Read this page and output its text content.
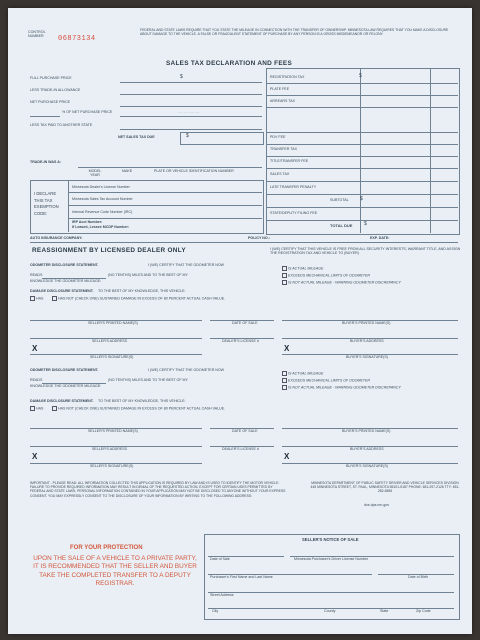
CONTROL NUMBER	06873134
FEDERAL AND STATE LAWS REQUIRE THAT YOU STATE THE MILEAGE IN CONNECTION WITH THE TRANSFER OF OWNERSHIP. MINNESOTA LAW REQUIRES THAT YOU MAKE A DISCLOSURE ABOUT DAMAGE TO THE VEHICLE. A FALSE OR FRAUDULENT STATEMENT OF PURCHASE BY ANY PERSON IS A GROSS MISDEMEANOR OR FELONY.
SALES TAX DECLARATION AND FEES
FULL PURCHASE PRICE	$
LESS TRADE-IN ALLOWANCE
NET PURCHASE PRICE
% OF NET PURCHASE PRICE	— — — —
LESS TAX PAID TO ANOTHER STATE
NET SALES TAX DUE	$
REGISTRATION TAX	$
PLATE FEE
ARREARS TAX
PDV FEE
TRANSFER TAX
TITLE/TRANSFER FEE
SALES TAX
LATE TRANSFER PENALTY
SUBTOTAL $
STATE/DEPUTY FILING FEE
TOTAL DUE $
TRADE-IN WAS A:
MODEL YEAR
MAKE	PLATE OR VEHICLE IDENTIFICATION NUMBER
I DECLARE THIS TAX EXEMPTION CODE:
Minnesota Dealer's License Number
Minnesota Sales Tax Account Number
Internal Revenue Code Number (IRC)
IRP Acct Number:
If Leased, Lessee MCDP Number:
AUTO INSURANCE COMPANY:	POLICY NO.:	EXP. DATE:
REASSIGNMENT BY LICENSED DEALER ONLY	I (WE) CERTIFY THAT THIS VEHICLE IS FREE FROM ALL SECURITY INTERESTS, WARRANT TITLE, AND ASSIGN THE REGISTRATION TAX AND VEHICLE TO (BUYER)
ODOMETER DISCLOSURE STATEMENT.	I (WE) CERTIFY THAT THE ODOMETER NOW
READS	(NO TENTHS) MILES AND TO THE BEST OF MY
KNOWLEDGE THE ODOMETER MILEAGE:
IS ACTUAL MILEAGE
EXCEEDS MECHANICAL LIMITS OF ODOMETER
IS NOT ACTUAL MILEAGE - WARNING ODOMETER DISCREPANCY
DAMAGE DISCLOSURE STATEMENT. TO THE BEST OF MY KNOWLEDGE, THIS VEHICLE:
HAS	HAS NOT (CHECK ONE) SUSTAINED DAMAGE IN EXCESS OF 80 PERCENT ACTUAL CASH VALUE.
SELLER'S PRINTED NAME(S)	DATE OF SALE	BUYER'S PRINTED NAME(S)
SELLER'S ADDRESS	DEALER'S LICENSE #	BUYER'S ADDRESS
X
SELLER'S SIGNATURE(S)
X
BUYER'S SIGNATURE(S)
ODOMETER DISCLOSURE STATEMENT.	I (WE) CERTIFY THAT THE ODOMETER NOW
READS	(NO TENTHS) MILES AND TO THE BEST OF MY
KNOWLEDGE THE ODOMETER MILEAGE:
IS ACTUAL MILEAGE
EXCEEDS MECHANICAL LIMITS OF ODOMETER
IS NOT ACTUAL MILEAGE - WARNING ODOMETER DISCREPANCY
DAMAGE DISCLOSURE STATEMENT. TO THE BEST OF MY KNOWLEDGE, THIS VEHICLE:
HAS	HAS NOT (CHECK ONE) SUSTAINED DAMAGE IN EXCESS OF 80 PERCENT ACTUAL CASH VALUE.
SELLER'S PRINTED NAME(S)	DATE OF SALE	BUYER'S PRINTED NAME(S)
SELLER'S ADDRESS	DEALER'S LICENSE #	BUYER'S ADDRESS
X
SELLER'S SIGNATURE(S)
X
BUYER'S SIGNATURE(S)
IMPORTANT - PLEASE READ: ALL INFORMATION COLLECTED THIS APPLICATION IS REQUIRED BY LAW AND IS USED TO IDENTIFY THE MOTOR VEHICLE. FAILURE TO PROVIDE REQUIRED INFORMATION MAY RESULT IN DENIAL OF THE REQUESTED ACTION. EXCEPT FOR CERTAIN USES PERMITTED BY FEDERAL AND STATE LAWS, PERSONAL INFORMATION CONTAINED IN YOUR APPLICATION MAY NOT BE DISCLOSED TO ANYONE WITHOUT YOUR EXPRESS CONSENT. YOU MAY EXPRESSLY CONSENT TO THE DISCLOSURE OF YOUR INFORMATION BY WRITING TO THE FOLLOWING ADDRESS:
MINNESOTA DEPARTMENT OF PUBLIC SAFETY DRIVER AND VEHICLE SERVICES DIVISION 445 MINNESOTA STREET, ST. PAUL, MINNESOTA 55101-5187 PHONE: 651-297-2126 TTY: 651-282-6555
dvs.dps.mn.gov
FOR YOUR PROTECTION
UPON THE SALE OF A VEHICLE TO A PRIVATE PARTY, IT IS RECOMMENDED THAT THE SELLER AND BUYER TAKE THE COMPLETED TRANSFER TO A DEPUTY REGISTRAR.
SELLER'S NOTICE OF SALE
Date of Sale	Minnesota Purchaser's Driver License Number
Purchaser's First Name and Last Name	Date of Birth
Street Address
City	County	State	Zip Code
